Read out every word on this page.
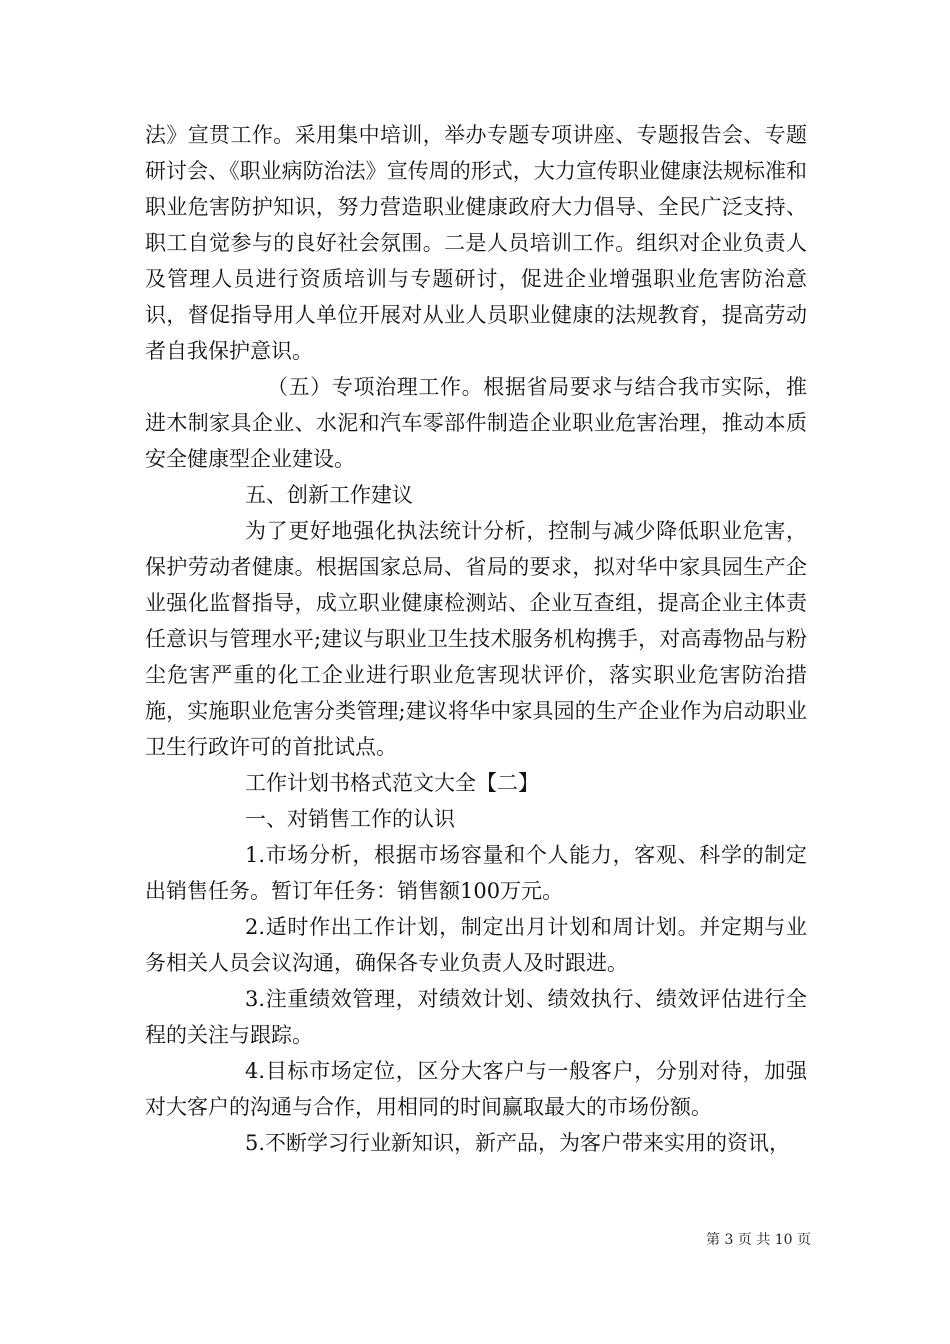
法》宣贯工作。采用集中培训，举办专题专项讲座、专题报告会、专题研讨会、《职业病防治法》宣传周的形式，大力宣传职业健康法规标准和职业危害防护知识，努力营造职业健康政府大力倡导、全民广泛支持、职工自觉参与的良好社会氛围。二是人员培训工作。组织对企业负责人及管理人员进行资质培训与专题研讨，促进企业增强职业危害防治意识，督促指导用人单位开展对从业人员职业健康的法规教育，提高劳动者自我保护意识。

（五）专项治理工作。根据省局要求与结合我市实际，推进木制家具企业、水泥和汽车零部件制造企业职业危害治理，推动本质安全健康型企业建设。

五、创新工作建议

为了更好地强化执法统计分析，控制与减少降低职业危害，保护劳动者健康。根据国家总局、省局的要求，拟对华中家具园生产企业强化监督指导，成立职业健康检测站、企业互查组，提高企业主体责任意识与管理水平;建议与职业卫生技术服务机构携手，对高毒物品与粉尘危害严重的化工企业进行职业危害现状评价，落实职业危害防治措施，实施职业危害分类管理;建议将华中家具园的生产企业作为启动职业卫生行政许可的首批试点。

工作计划书格式范文大全【二】

一、对销售工作的认识

1.市场分析，根据市场容量和个人能力，客观、科学的制定出销售任务。暂订年任务：销售额100万元。

2.适时作出工作计划，制定出月计划和周计划。并定期与业务相关人员会议沟通，确保各专业负责人及时跟进。

3.注重绩效管理，对绩效计划、绩效执行、绩效评估进行全程的关注与跟踪。

4.目标市场定位，区分大客户与一般客户，分别对待，加强对大客户的沟通与合作，用相同的时间赢取最大的市场份额。

5.不断学习行业新知识，新产品，为客户带来实用的资讯，

第 3 页 共 10 页
